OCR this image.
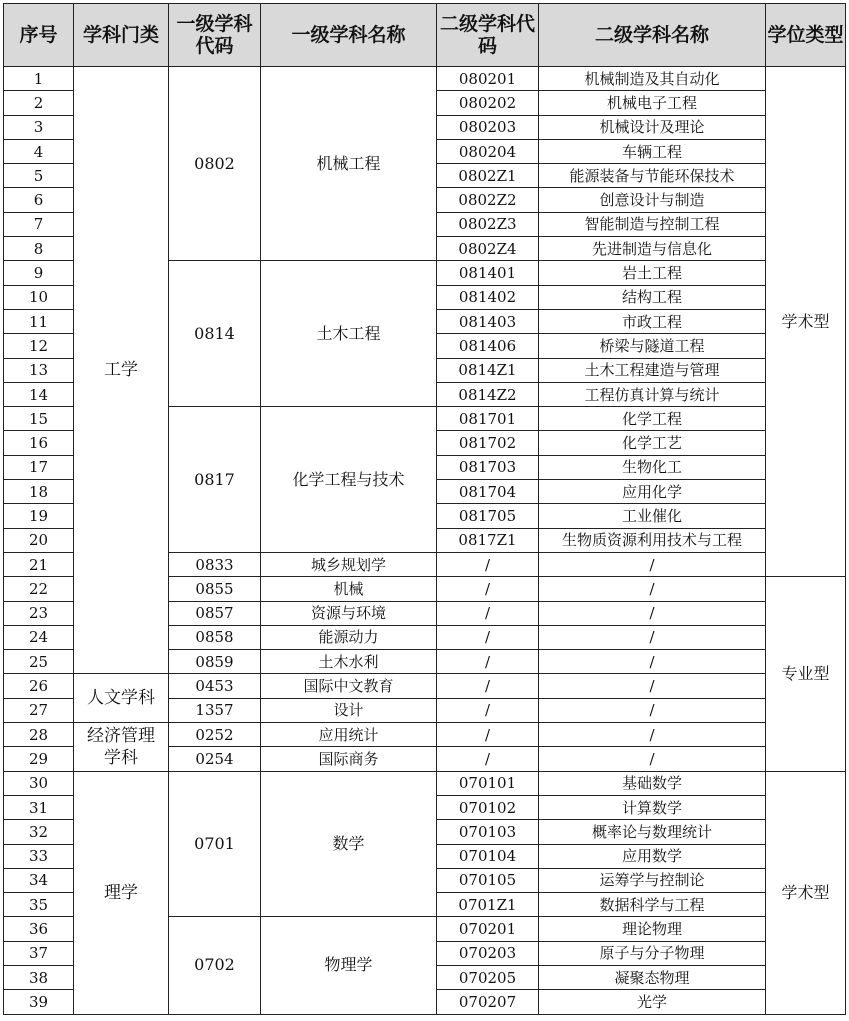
序号	学科门类	一级学科代码	一级学科名称	二级学科代码	二级学科名称	学位类型
1	工学	0802	机械工程	080201	机械制造及其自动化	学术型
2				080202	机械电子工程	
3				080203	机械设计及理论	
4				080204	车辆工程	
5				0802Z1	能源装备与节能环保技术	
6				0802Z2	创意设计与制造	
7				0802Z3	智能制造与控制工程	
8				0802Z4	先进制造与信息化	
9		0814	土木工程	081401	岩土工程	
10				081402	结构工程	
11				081403	市政工程	
12				081406	桥梁与隧道工程	
13				0814Z1	土木工程建造与管理	
14				0814Z2	工程仿真计算与统计	
15		0817	化学工程与技术	081701	化学工程	
16				081702	化学工艺	
17				081703	生物化工	
18				081704	应用化学	
19				081705	工业催化	
20				0817Z1	生物质资源利用技术与工程	
21		0833	城乡规划学	/	/	
22		0855	机械	/	/	专业型
23		0857	资源与环境	/	/	
24		0858	能源动力	/	/	
25		0859	土木水利	/	/	
26	人文学科	0453	国际中文教育	/	/	
27		1357	设计	/	/	
28	经济管理学科	0252	应用统计	/	/	
29		0254	国际商务	/	/	
30	理学	0701	数学	070101	基础数学	学术型
31				070102	计算数学	
32				070103	概率论与数理统计	
33				070104	应用数学	
34				070105	运筹学与控制论	
35				0701Z1	数据科学与工程	
36		0702	物理学	070201	理论物理	
37				070203	原子与分子物理	
38				070205	凝聚态物理	
39				070207	光学	
